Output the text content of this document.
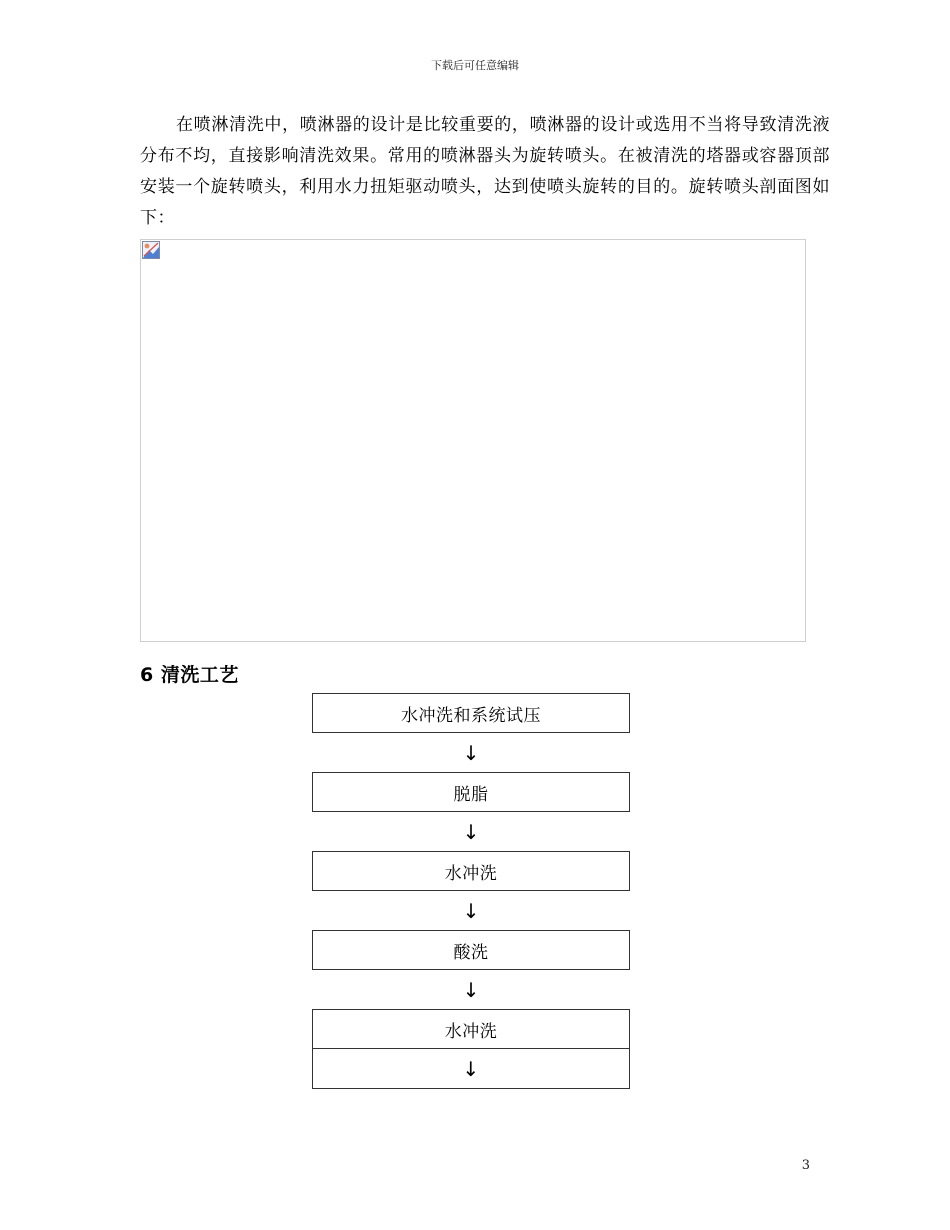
下载后可任意编辑

在喷淋清洗中，喷淋器的设计是比较重要的，喷淋器的设计或选用不当将导致清洗液分布不均，直接影响清洗效果。常用的喷淋器头为旋转喷头。在被清洗的塔器或容器顶部安装一个旋转喷头，利用水力扭矩驱动喷头，达到使喷头旋转的目的。旋转喷头剖面图如下：

6 清洗工艺
水冲洗和系统试压
↓
脱脂
↓
水冲洗
↓
酸洗
↓
水冲洗
↓
3
